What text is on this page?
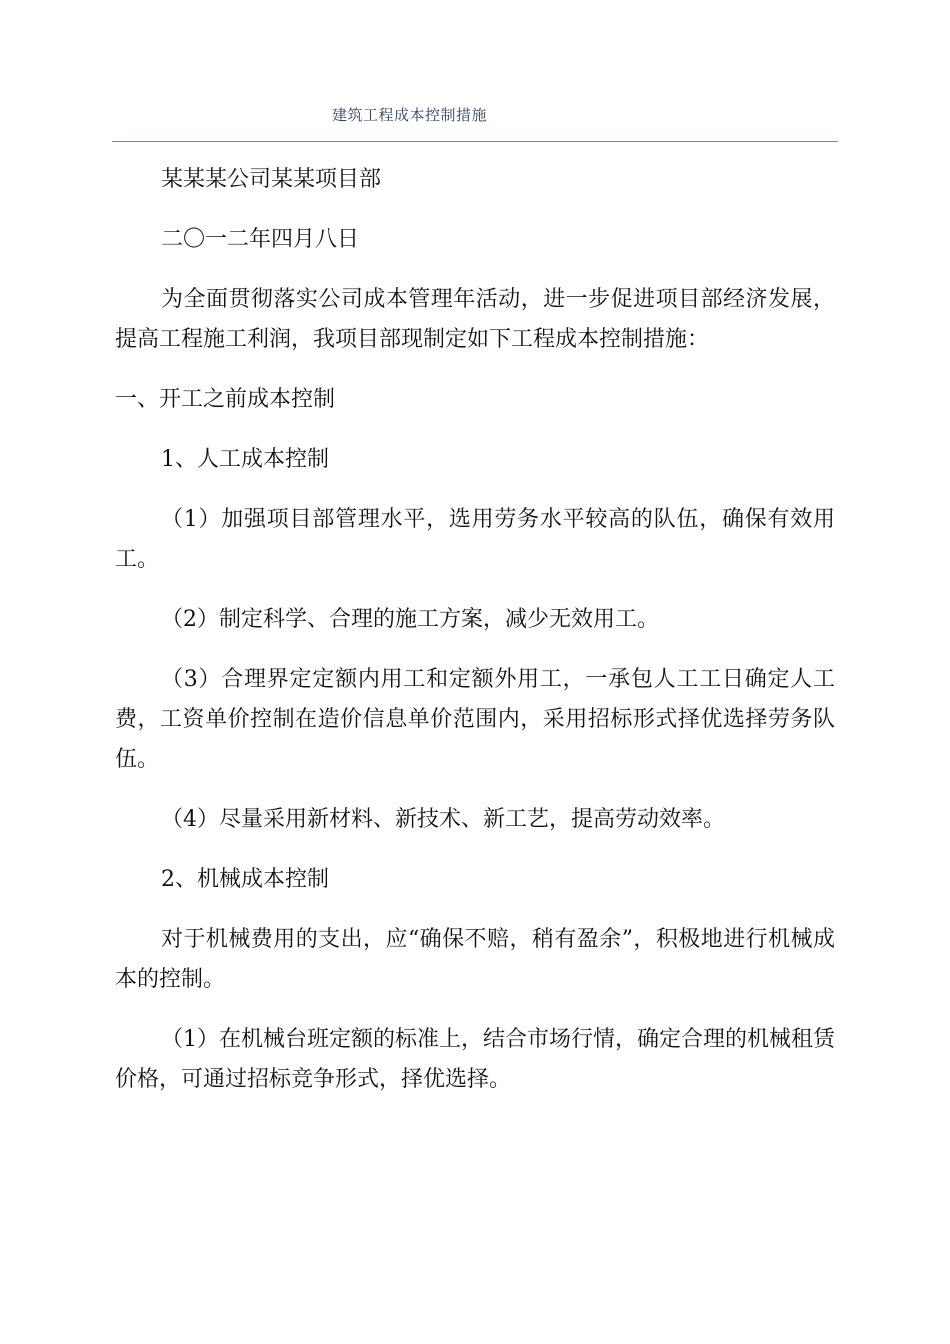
建筑工程成本控制措施

某某某公司某某项目部

二〇一二年四月八日

为全面贯彻落实公司成本管理年活动，进一步促进项目部经济发展，提高工程施工利润，我项目部现制定如下工程成本控制措施：

一、开工之前成本控制

1、人工成本控制

（1）加强项目部管理水平，选用劳务水平较高的队伍，确保有效用工。

（2）制定科学、合理的施工方案，减少无效用工。

（3）合理界定定额内用工和定额外用工，一承包人工工日确定人工费，工资单价控制在造价信息单价范围内，采用招标形式择优选择劳务队伍。

（4）尽量采用新材料、新技术、新工艺，提高劳动效率。

2、机械成本控制

对于机械费用的支出，应“确保不赔，稍有盈余”，积极地进行机械成本的控制。

（1）在机械台班定额的标准上，结合市场行情，确定合理的机械租赁价格，可通过招标竞争形式，择优选择。
